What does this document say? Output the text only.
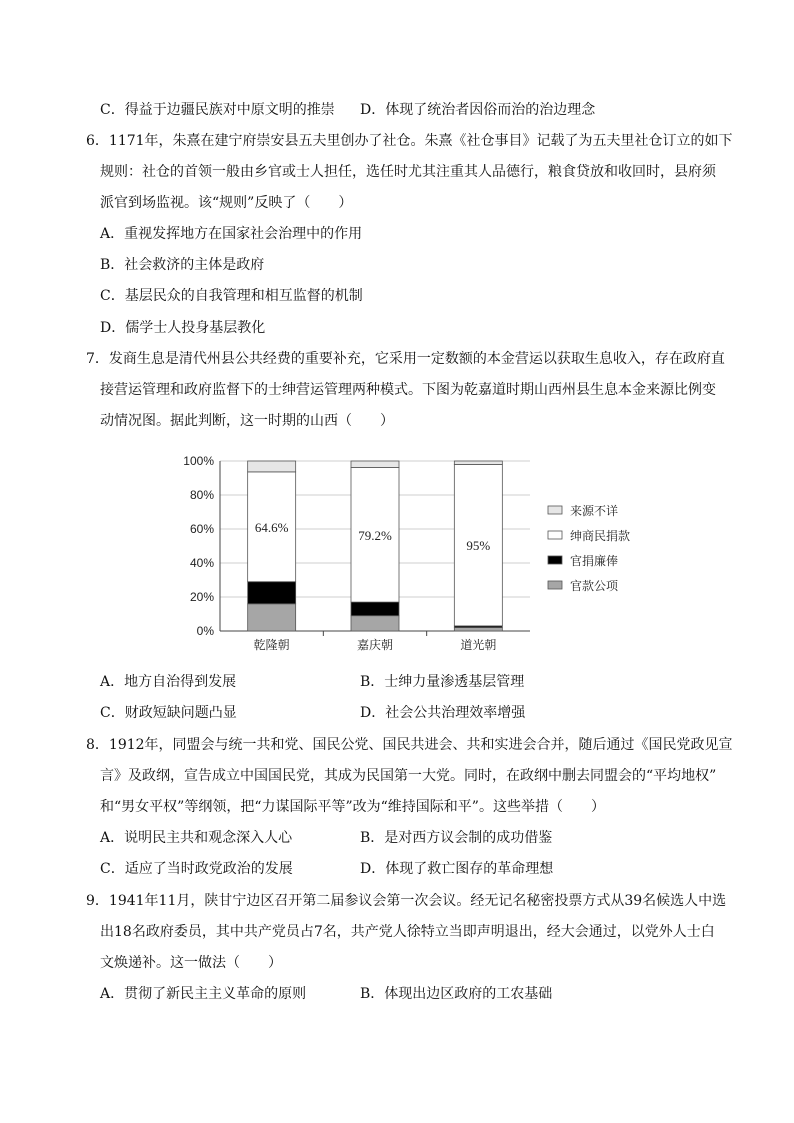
C．得益于边疆民族对中原文明的推崇 D．体现了统治者因俗而治的治边理念
6．1171年，朱熹在建宁府崇安县五夫里创办了社仓。朱熹《社仓事目》记载了为五夫里社仓订立的如下
规则：社仓的首领一般由乡官或士人担任，选任时尤其注重其人品德行，粮食贷放和收回时，县府须
派官到场监视。该“规则”反映了（　　）
A．重视发挥地方在国家社会治理中的作用
B．社会救济的主体是政府
C．基层民众的自我管理和相互监督的机制
D．儒学士人投身基层教化
7．发商生息是清代州县公共经费的重要补充，它采用一定数额的本金营运以获取生息收入，存在政府直
接营运管理和政府监督下的士绅营运管理两种模式。下图为乾嘉道时期山西州县生息本金来源比例变
动情况图。据此判断，这一时期的山西（　　）
0%
20%
40%
60%
80%
100%
64.6%
乾隆朝
79.2%
嘉庆朝
95%
道光朝
来源不详
绅商民捐款
官捐廉俸
官款公项
A．地方自治得到发展	B．士绅力量渗透基层管理
C．财政短缺问题凸显	D．社会公共治理效率增强
8．1912年，同盟会与统一共和党、国民公党、国民共进会、共和实进会合并，随后通过《国民党政见宣
言》及政纲，宣告成立中国国民党，其成为民国第一大党。同时，在政纲中删去同盟会的“平均地权”
和“男女平权”等纲领，把“力谋国际平等”改为“维持国际和平”。这些举措（　　）
A．说明民主共和观念深入人心	B．是对西方议会制的成功借鉴
C．适应了当时政党政治的发展	D．体现了救亡图存的革命理想
9．1941年11月，陕甘宁边区召开第二届参议会第一次会议。经无记名秘密投票方式从39名候选人中选
出18名政府委员，其中共产党员占7名，共产党人徐特立当即声明退出，经大会通过，以党外人士白
文焕递补。这一做法（　　）
A．贯彻了新民主主义革命的原则	B．体现出边区政府的工农基础
